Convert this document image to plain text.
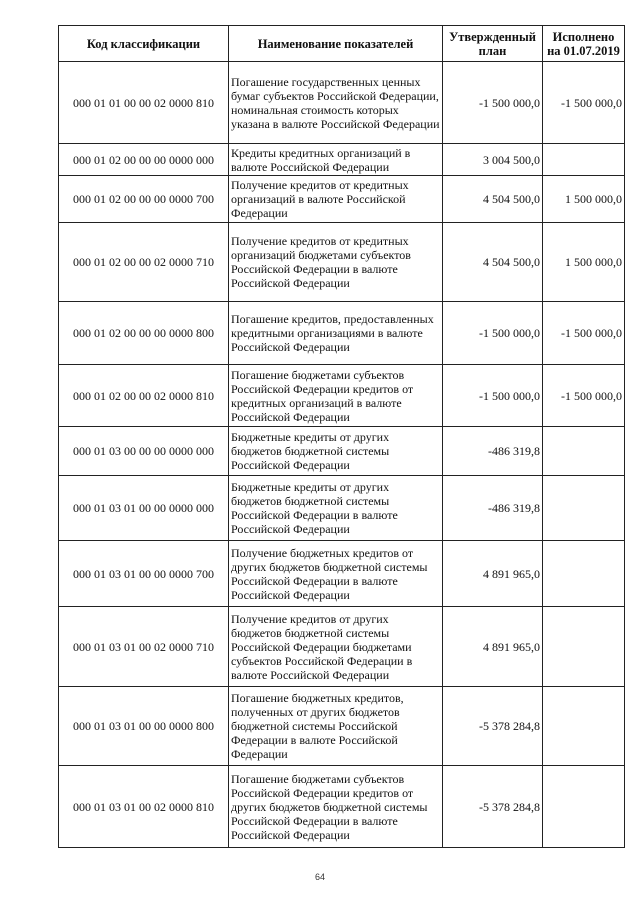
Код классификации	Наименование показателей	Утвержденный план	Исполнено на 01.07.2019
000 01 01 00 00 02 0000 810	Погашение государственных ценных бумаг субъектов Российской Федерации, номинальная стоимость которых указана в валюте Российской Федерации	-1 500 000,0	-1 500 000,0
000 01 02 00 00 00 0000 000	Кредиты кредитных организаций в валюте Российской Федерации	3 004 500,0	
000 01 02 00 00 00 0000 700	Получение кредитов от кредитных организаций в валюте Российской Федерации	4 504 500,0	1 500 000,0
000 01 02 00 00 02 0000 710	Получение кредитов от кредитных организаций бюджетами субъектов Российской Федерации в валюте Российской Федерации	4 504 500,0	1 500 000,0
000 01 02 00 00 00 0000 800	Погашение кредитов, предоставленных кредитными организациями в валюте Российской Федерации	-1 500 000,0	-1 500 000,0
000 01 02 00 00 02 0000 810	Погашение бюджетами субъектов Российской Федерации кредитов от кредитных организаций в валюте Российской Федерации	-1 500 000,0	-1 500 000,0
000 01 03 00 00 00 0000 000	Бюджетные кредиты от других бюджетов бюджетной системы Российской Федерации	-486 319,8	
000 01 03 01 00 00 0000 000	Бюджетные кредиты от других бюджетов бюджетной системы Российской Федерации в валюте Российской Федерации	-486 319,8	
000 01 03 01 00 00 0000 700	Получение бюджетных кредитов от других бюджетов бюджетной системы Российской Федерации в валюте Российской Федерации	4 891 965,0	
000 01 03 01 00 02 0000 710	Получение кредитов от других бюджетов бюджетной системы Российской Федерации бюджетами субъектов Российской Федерации в валюте Российской Федерации	4 891 965,0	
000 01 03 01 00 00 0000 800	Погашение бюджетных кредитов, полученных от других бюджетов бюджетной системы Российской Федерации в валюте Российской Федерации	-5 378 284,8	
000 01 03 01 00 02 0000 810	Погашение бюджетами субъектов Российской Федерации кредитов от других бюджетов бюджетной системы Российской Федерации в валюте Российской Федерации	-5 378 284,8	
64
